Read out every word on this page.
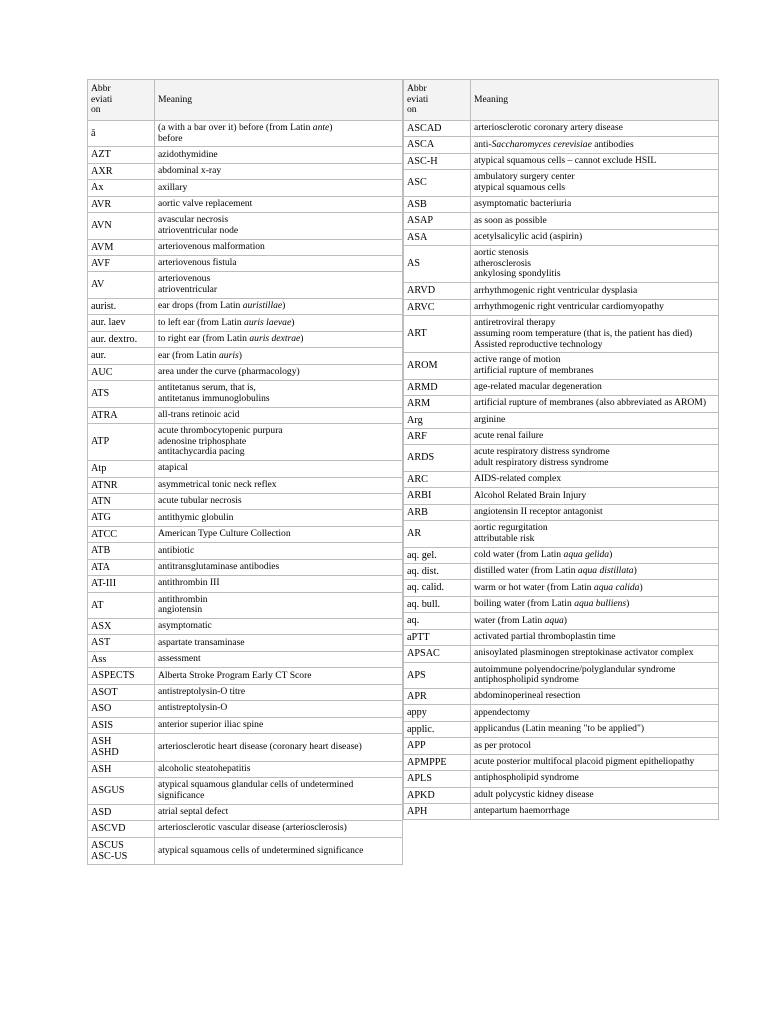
Abbr
eviati
on	Meaning
ā	(a with a bar over it) before (from Latin ante)
before

AZT	azidothymidine

AXR	abdominal x-ray

Ax	axillary

AVR	aortic valve replacement

AVN	avascular necrosis
atrioventricular node

AVM	arteriovenous malformation

AVF	arteriovenous fistula

AV	arteriovenous
atrioventricular

aurist.	ear drops (from Latin auristillae)

aur. laev	to left ear (from Latin auris laevae)

aur. dextro.	to right ear (from Latin auris dextrae)

aur.	ear (from Latin auris)

AUC	area under the curve (pharmacology)

ATS	antitetanus serum, that is,
antitetanus immunoglobulins

ATRA	all-trans retinoic acid

ATP	acute thrombocytopenic purpura
adenosine triphosphate
antitachycardia pacing

Atp	atapical

ATNR	asymmetrical tonic neck reflex

ATN	acute tubular necrosis

ATG	antithymic globulin

ATCC	American Type Culture Collection

ATB	antibiotic

ATA	antitransglutaminase antibodies

AT-III	antithrombin III

AT	antithrombin
angiotensin

ASX	asymptomatic

AST	aspartate transaminase

Ass	assessment

ASPECTS	Alberta Stroke Program Early CT Score

ASOT	antistreptolysin-O titre

ASO	antistreptolysin-O

ASIS	anterior superior iliac spine

ASH
ASHD	arteriosclerotic heart disease (coronary heart disease)

ASH	alcoholic steatohepatitis

ASGUS	atypical squamous glandular cells of undetermined significance

ASD	atrial septal defect

ASCVD	arteriosclerotic vascular disease (arteriosclerosis)

ASCUS
ASC-US	atypical squamous cells of undetermined significance
Abbr
eviati
on	Meaning
ASCAD	arteriosclerotic coronary artery disease

ASCA	anti-Saccharomyces cerevisiae antibodies

ASC-H	atypical squamous cells – cannot exclude HSIL

ASC	ambulatory surgery center
atypical squamous cells

ASB	asymptomatic bacteriuria

ASAP	as soon as possible

ASA	acetylsalicylic acid (aspirin)

AS	aortic stenosis
atherosclerosis
ankylosing spondylitis

ARVD	arrhythmogenic right ventricular dysplasia

ARVC	arrhythmogenic right ventricular cardiomyopathy

ART	antiretroviral therapy
assuming room temperature (that is, the patient has died)
Assisted reproductive technology

AROM	active range of motion
artificial rupture of membranes

ARMD	age-related macular degeneration

ARM	artificial rupture of membranes (also abbreviated as AROM)

Arg	arginine

ARF	acute renal failure

ARDS	acute respiratory distress syndrome
adult respiratory distress syndrome

ARC	AIDS-related complex

ARBI	Alcohol Related Brain Injury

ARB	angiotensin II receptor antagonist

AR	aortic regurgitation
attributable risk

aq. gel.	cold water (from Latin aqua gelida)

aq. dist.	distilled water (from Latin aqua distillata)

aq. calid.	warm or hot water (from Latin aqua calida)

aq. bull.	boiling water (from Latin aqua bulliens)

aq.	water (from Latin aqua)

aPTT	activated partial thromboplastin time

APSAC	anisoylated plasminogen streptokinase activator complex

APS	autoimmune polyendocrine/polyglandular syndrome
antiphospholipid syndrome

APR	abdominoperineal resection

appy	appendectomy

applic.	applicandus (Latin meaning "to be applied")

APP	as per protocol

APMPPE	acute posterior multifocal placoid pigment epitheliopathy

APLS	antiphospholipid syndrome

APKD	adult polycystic kidney disease

APH	antepartum haemorrhage
